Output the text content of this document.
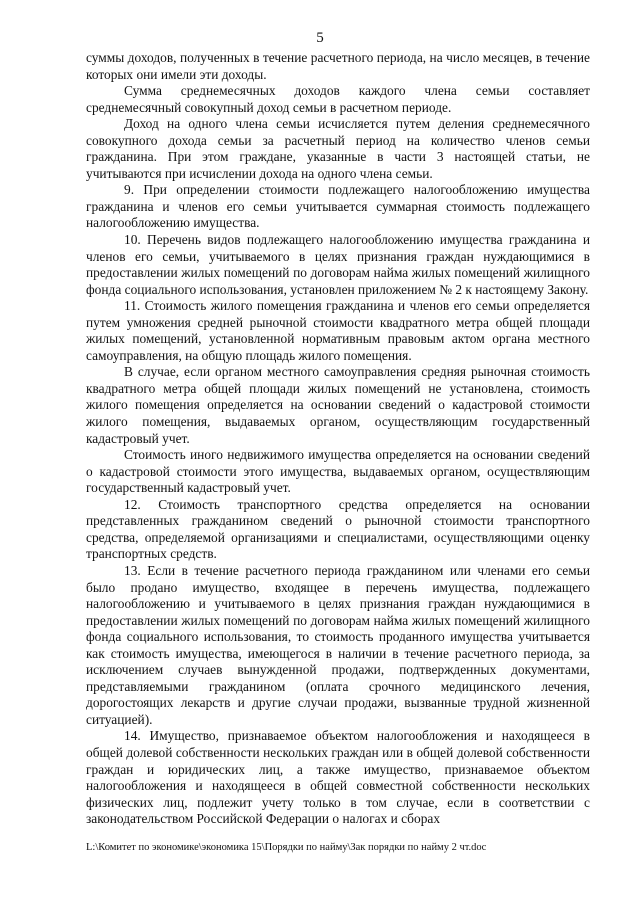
5

суммы доходов, полученных в течение расчетного периода, на число месяцев, в течение которых они имели эти доходы.

Сумма среднемесячных доходов каждого члена семьи составляет среднемесячный совокупный доход семьи в расчетном периоде.

Доход на одного члена семьи исчисляется путем деления среднемесячного совокупного дохода семьи за расчетный период на количество членов семьи гражданина. При этом граждане, указанные в части 3 настоящей статьи, не учитываются при исчислении дохода на одного члена семьи.

9. При определении стоимости подлежащего налогообложению имущества гражданина и членов его семьи учитывается суммарная стоимость подлежащего налогообложению имущества.

10. Перечень видов подлежащего налогообложению имущества гражданина и членов его семьи, учитываемого в целях признания граждан нуждающимися в предоставлении жилых помещений по договорам найма жилых помещений жилищного фонда социального использования, установлен приложением № 2 к настоящему Закону.

11. Стоимость жилого помещения гражданина и членов его семьи определяется путем умножения средней рыночной стоимости квадратного метра общей площади жилых помещений, установленной нормативным правовым актом органа местного самоуправления, на общую площадь жилого помещения.

В случае, если органом местного самоуправления средняя рыночная стоимость квадратного метра общей площади жилых помещений не установлена, стоимость жилого помещения определяется на основании сведений о кадастровой стоимости жилого помещения, выдаваемых органом, осуществляющим государственный кадастровый учет.

Стоимость иного недвижимого имущества определяется на основании сведений о кадастровой стоимости этого имущества, выдаваемых органом, осуществляющим государственный кадастровый учет.

12. Стоимость транспортного средства определяется на основании представленных гражданином сведений о рыночной стоимости транспортного средства, определяемой организациями и специалистами, осуществляющими оценку транспортных средств.

13. Если в течение расчетного периода гражданином или членами его семьи было продано имущество, входящее в перечень имущества, подлежащего налогообложению и учитываемого в целях признания граждан нуждающимися в предоставлении жилых помещений по договорам найма жилых помещений жилищного фонда социального использования, то стоимость проданного имущества учитывается как стоимость имущества, имеющегося в наличии в течение расчетного периода, за исключением случаев вынужденной продажи, подтвержденных документами, представляемыми гражданином (оплата срочного медицинского лечения, дорогостоящих лекарств и другие случаи продажи, вызванные трудной жизненной ситуацией).

14. Имущество, признаваемое объектом налогообложения и находящееся в общей долевой собственности нескольких граждан или в общей долевой собственности граждан и юридических лиц, а также имущество, признаваемое объектом налогообложения и находящееся в общей совместной собственности нескольких физических лиц, подлежит учету только в том случае, если в соответствии с законодательством Российской Федерации о налогах и сборах

L:\Комитет по экономике\экономика 15\Порядки по найму\Зак порядки по найму 2 чт.doc
